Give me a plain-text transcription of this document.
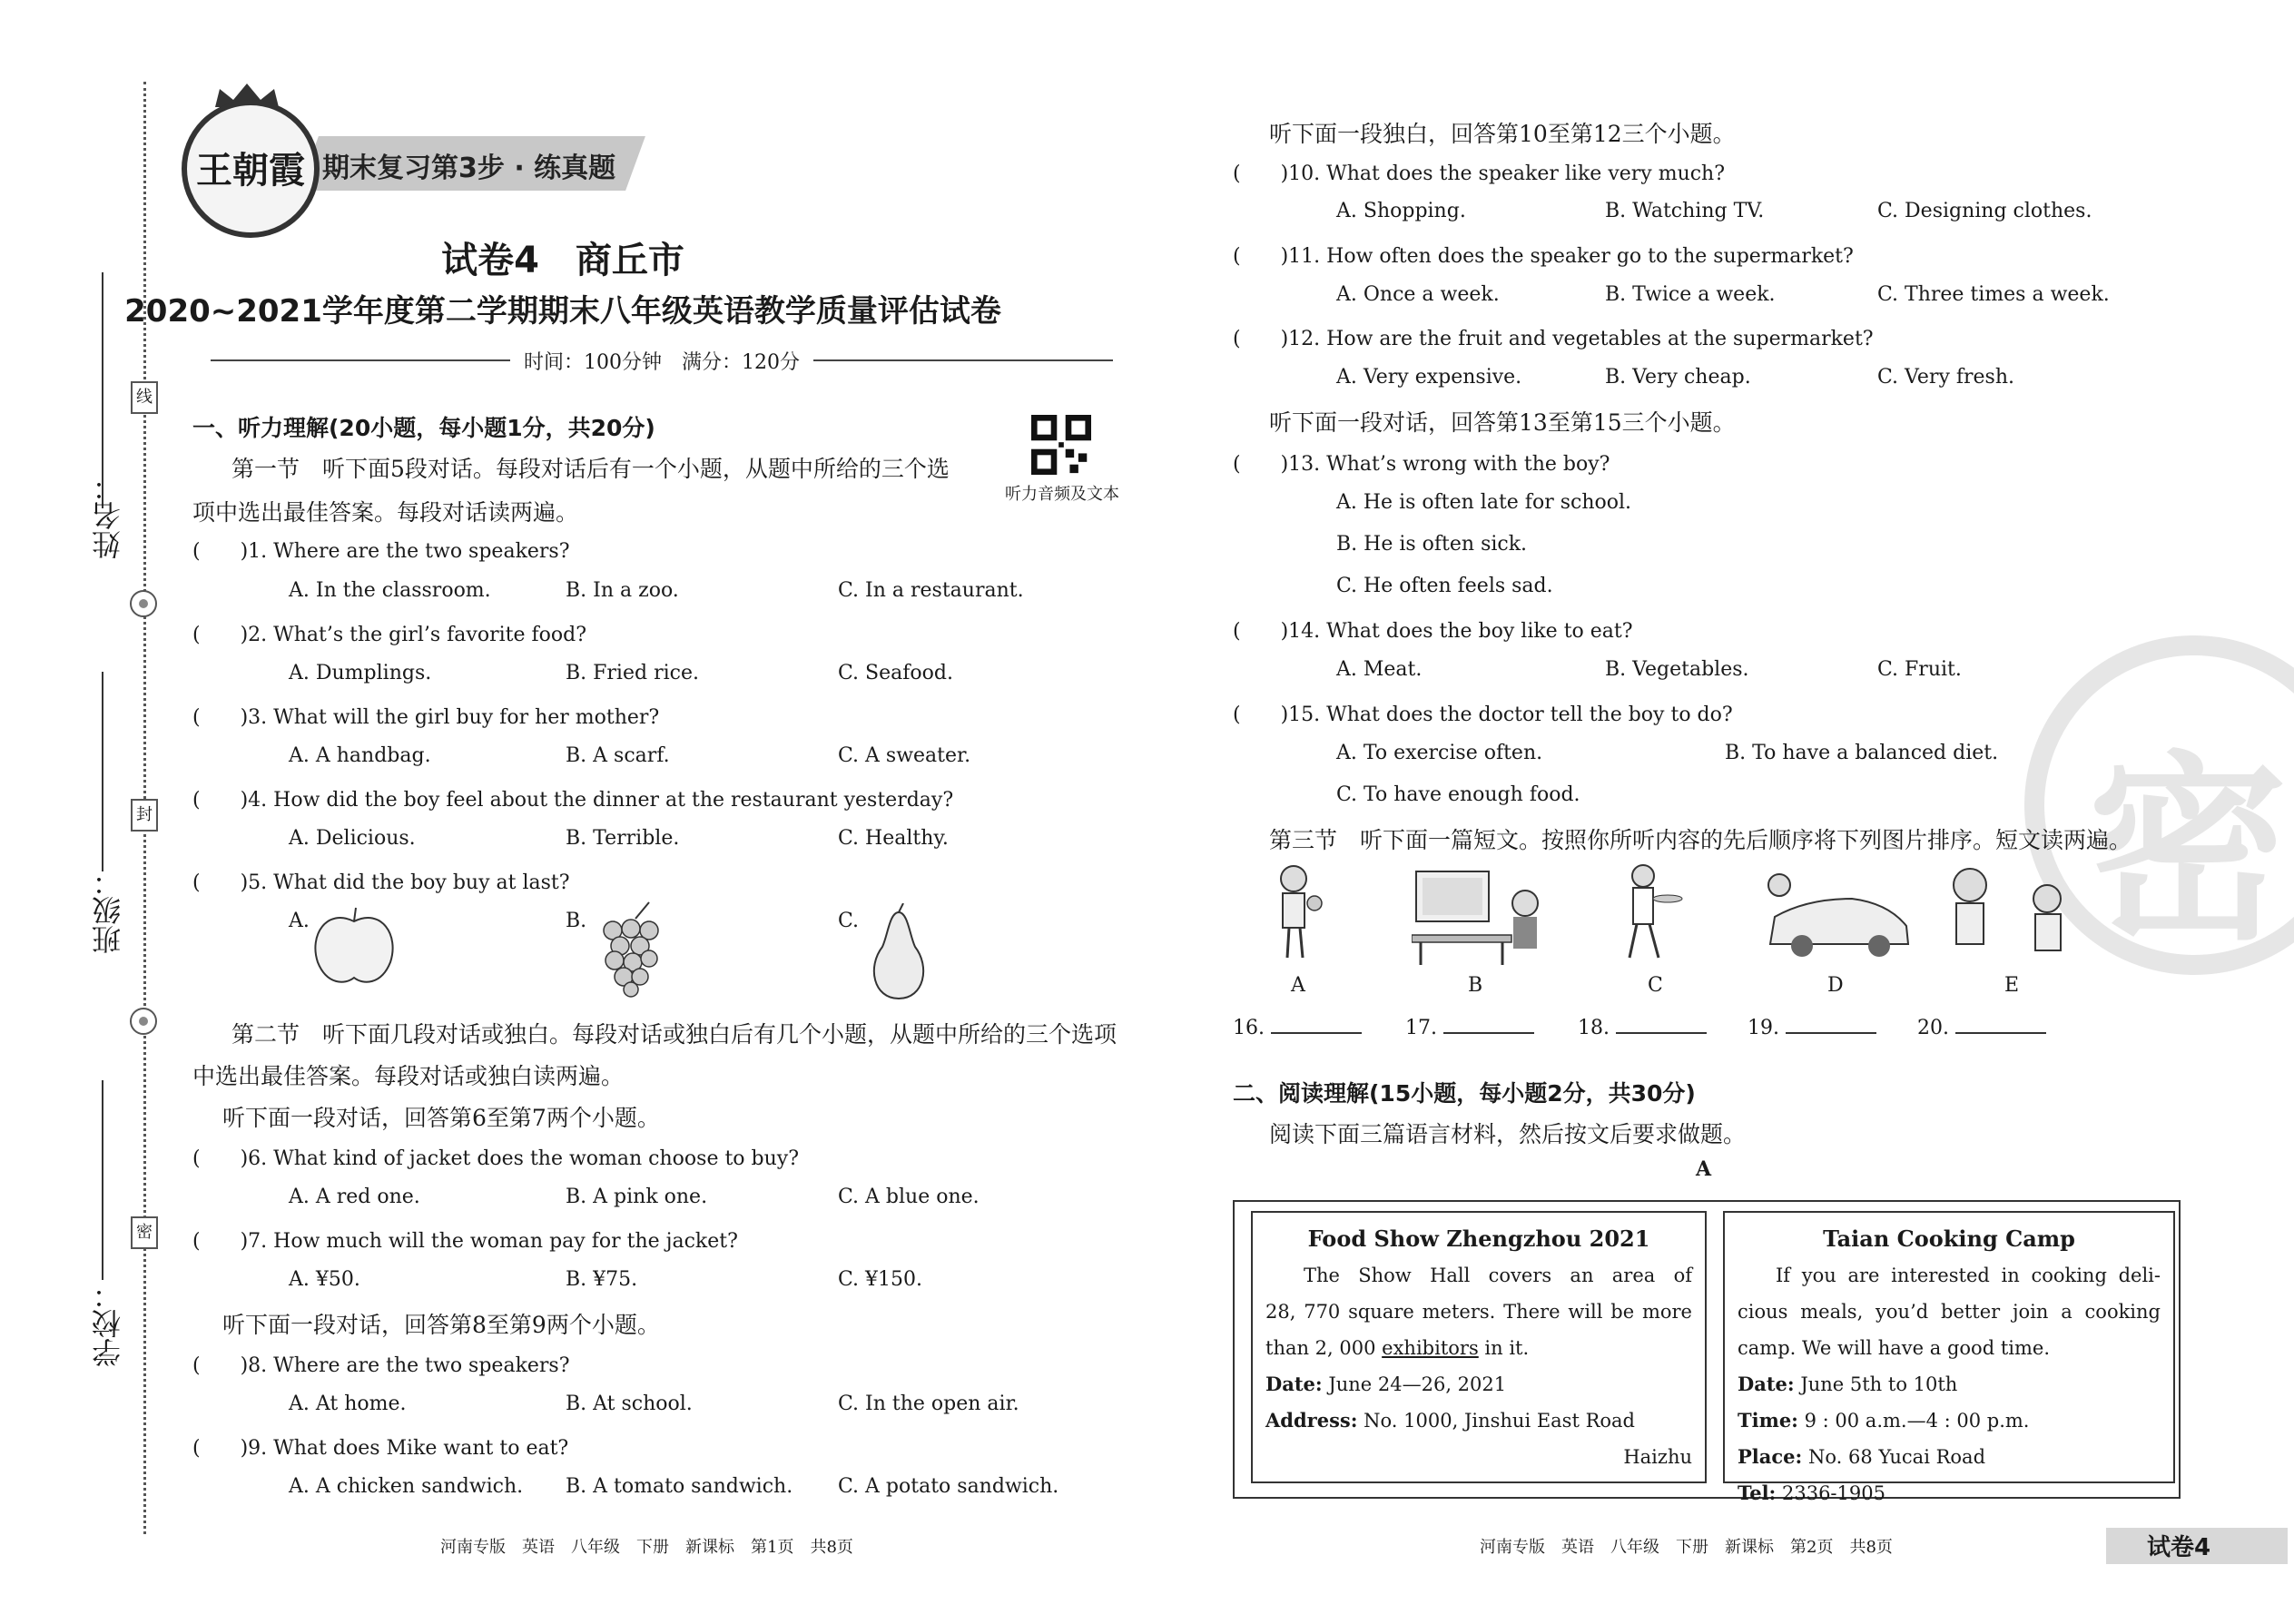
姓名：
班级：
学校：
线
封
密
期末复习第3步 · 练真题
王朝霞
试卷4　商丘市
2020~2021学年度第二学期期末八年级英语教学质量评估试卷
时间：100分钟　满分：120分
一、听力理解(20小题，每小题1分，共20分)
听力音频及文本
第一节　听下面5段对话。每段对话后有一个小题，从题中所给的三个选
项中选出最佳答案。每段对话读两遍。
(　　)1. Where are the two speakers?
A. In the classroom.	B. In a zoo.	C. In a restaurant.
(　　)2. What’s the girl’s favorite food?
A. Dumplings.	B. Fried rice.	C. Seafood.
(　　)3. What will the girl buy for her mother?
A. A handbag.	B. A scarf.	C. A sweater.
(　　)4. How did the boy feel about the dinner at the restaurant yesterday?
A. Delicious.	B. Terrible.	C. Healthy.
(　　)5. What did the boy buy at last?
A.	B.	C.
第二节　听下面几段对话或独白。每段对话或独白后有几个小题，从题中所给的三个选项
中选出最佳答案。每段对话或独白读两遍。
听下面一段对话，回答第6至第7两个小题。
(　　)6. What kind of jacket does the woman choose to buy?
A. A red one.	B. A pink one.	C. A blue one.
(　　)7. How much will the woman pay for the jacket?
A. ¥50.	B. ¥75.	C. ¥150.
听下面一段对话，回答第8至第9两个小题。
(　　)8. Where are the two speakers?
A. At home.	B. At school.	C. In the open air.
(　　)9. What does Mike want to eat?
A. A chicken sandwich. B. A tomato sandwich. C. A potato sandwich.
河南专版　英语　八年级　下册　新课标　第1页　共8页
密
听下面一段独白，回答第10至第12三个小题。
(　　)10. What does the speaker like very much?
A. Shopping.	B. Watching TV.	C. Designing clothes.
(　　)11. How often does the speaker go to the supermarket?
A. Once a week.	B. Twice a week.	C. Three times a week.
(　　)12. How are the fruit and vegetables at the supermarket?
A. Very expensive.	B. Very cheap.	C. Very fresh.
听下面一段对话，回答第13至第15三个小题。
(　　)13. What’s wrong with the boy?
A. He is often late for school.
B. He is often sick.
C. He often feels sad.
(　　)14. What does the boy like to eat?
A. Meat.	B. Vegetables.	C. Fruit.
(　　)15. What does the doctor tell the boy to do?
A. To exercise often.	B. To have a balanced diet.
C. To have enough food.
第三节　听下面一篇短文。按照你所听内容的先后顺序将下列图片排序。短文读两遍。
A	B	C	D	E
16.	17.	18.	19.	20.
二、阅读理解(15小题，每小题2分，共30分)
阅读下面三篇语言材料，然后按文后要求做题。
A
Food Show Zhengzhou 2021

The Show Hall covers an area of

28, 770 square meters. There will be more

than 2, 000 exhibitors in it.

Date: June 24—26, 2021

Address: No. 1000, Jinshui East Road

Haizhu

Taian Cooking Camp

If you are interested in cooking deli-

cious meals, you’d better join a cooking

camp. We will have a good time.

Date: June 5th to 10th

Time: 9 : 00 a.m.—4 : 00 p.m.

Place: No. 68 Yucai Road

Tel: 2336-1905

河南专版　英语　八年级　下册　新课标　第2页　共8页	试卷4
